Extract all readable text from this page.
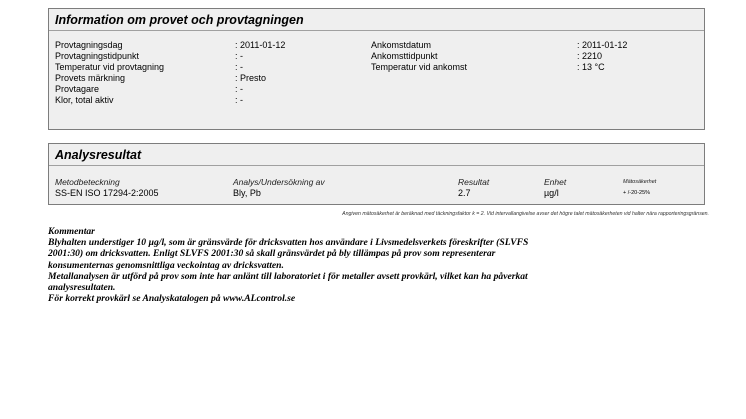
Information om provet och provtagningen
Provtagningsdag	: 2011-01-12	Ankomstdatum	: 2011-01-12
Provtagningstidpunkt	: -	Ankomsttidpunkt	: 2210
Temperatur vid provtagning	: -	Temperatur vid ankomst	: 13 °C
Provets märkning	: Presto
Provtagare	: -
Klor, total aktiv	: -
Analysresultat
Metodbeteckning	Analys/Undersökning av	Resultat	Enhet	Mätosäkerhet
SS-EN ISO 17294-2:2005	Bly, Pb	2.7	µg/l	+ /-20-25%
Angiven mätosäkerhet är beräknad med täckningsfaktor k = 2. Vid intervallangivelse avser det högre talet mätosäkerheten vid halter nära rapporteringsgränsen.
Kommentar
Blyhalten understiger 10 µg/l, som är gränsvärde för dricksvatten hos användare i Livsmedelsverkets föreskrifter (SLVFS
2001:30) om dricksvatten. Enligt SLVFS 2001:30 så skall gränsvärdet på bly tillämpas på prov som representerar
konsumenternas genomsnittliga veckointag av dricksvatten.
Metallanalysen är utförd på prov som inte har anlänt till laboratoriet i för metaller avsett provkärl, vilket kan ha påverkat
analysresultaten.
För korrekt provkärl se Analyskatalogen på www.ALcontrol.se
